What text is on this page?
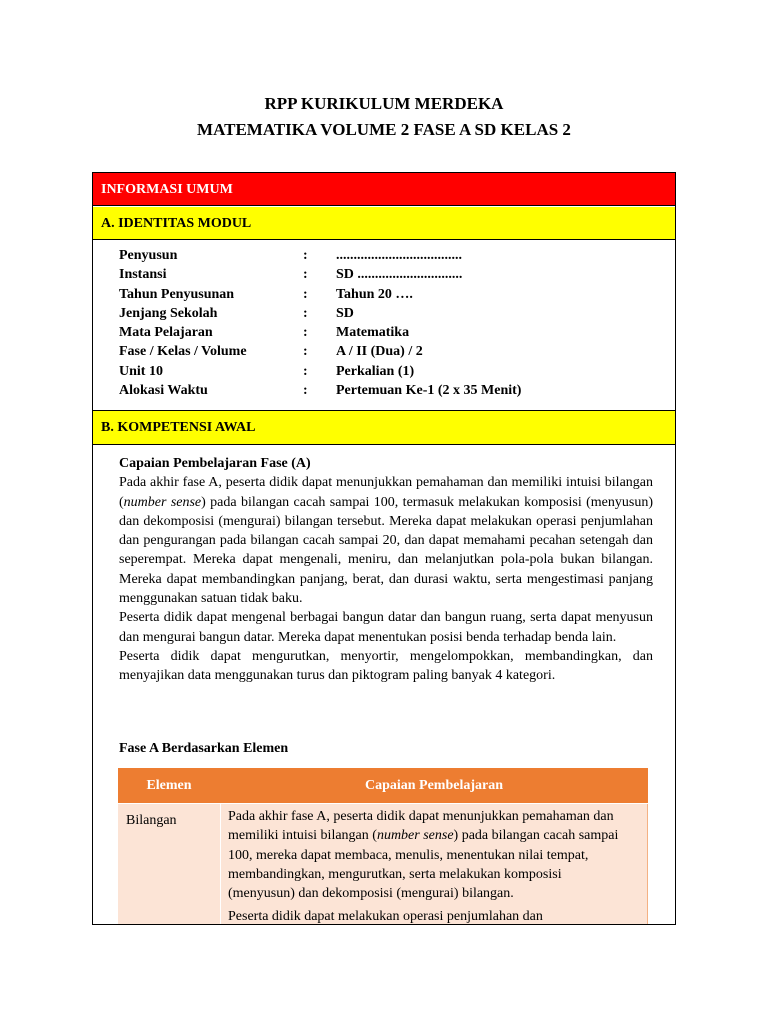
RPP KURIKULUM MERDEKA
MATEMATIKA VOLUME 2 FASE A SD KELAS 2
INFORMASI UMUM
A. IDENTITAS MODUL
Penyusun	: ....................................
Instansi	: SD ..............................
Tahun Penyusunan	: Tahun 20 ….
Jenjang Sekolah	: SD
Mata Pelajaran	: Matematika
Fase / Kelas / Volume	: A / II (Dua) / 2
Unit 10	: Perkalian (1)
Alokasi Waktu	: Pertemuan Ke-1 (2 x 35 Menit)
B. KOMPETENSI AWAL

Capaian Pembelajaran Fase (A)

Pada akhir fase A, peserta didik dapat menunjukkan pemahaman dan memiliki intuisi bilangan (number sense) pada bilangan cacah sampai 100, termasuk melakukan komposisi (menyusun) dan dekomposisi (mengurai) bilangan tersebut. Mereka dapat melakukan operasi penjumlahan dan pengurangan pada bilangan cacah sampai 20, dan dapat memahami pecahan setengah dan seperempat. Mereka dapat mengenali, meniru, dan melanjutkan pola-pola bukan bilangan. Mereka dapat membandingkan panjang, berat, dan durasi waktu, serta mengestimasi panjang menggunakan satuan tidak baku.

Peserta didik dapat mengenal berbagai bangun datar dan bangun ruang, serta dapat menyusun dan mengurai bangun datar. Mereka dapat menentukan posisi benda terhadap benda lain.

Peserta didik dapat mengurutkan, menyortir, mengelompokkan, membandingkan, dan menyajikan data menggunakan turus dan piktogram paling banyak 4 kategori.

Fase A Berdasarkan Elemen
Elemen	Capaian Pembelajaran
Bilangan	Pada akhir fase A, peserta didik dapat menunjukkan pemahaman dan memiliki intuisi bilangan (number sense) pada bilangan cacah sampai 100, mereka dapat membaca, menulis, menentukan nilai tempat, membandingkan, mengurutkan, serta melakukan komposisi (menyusun) dan dekomposisi (mengurai) bilangan.

Peserta didik dapat melakukan operasi penjumlahan dan
